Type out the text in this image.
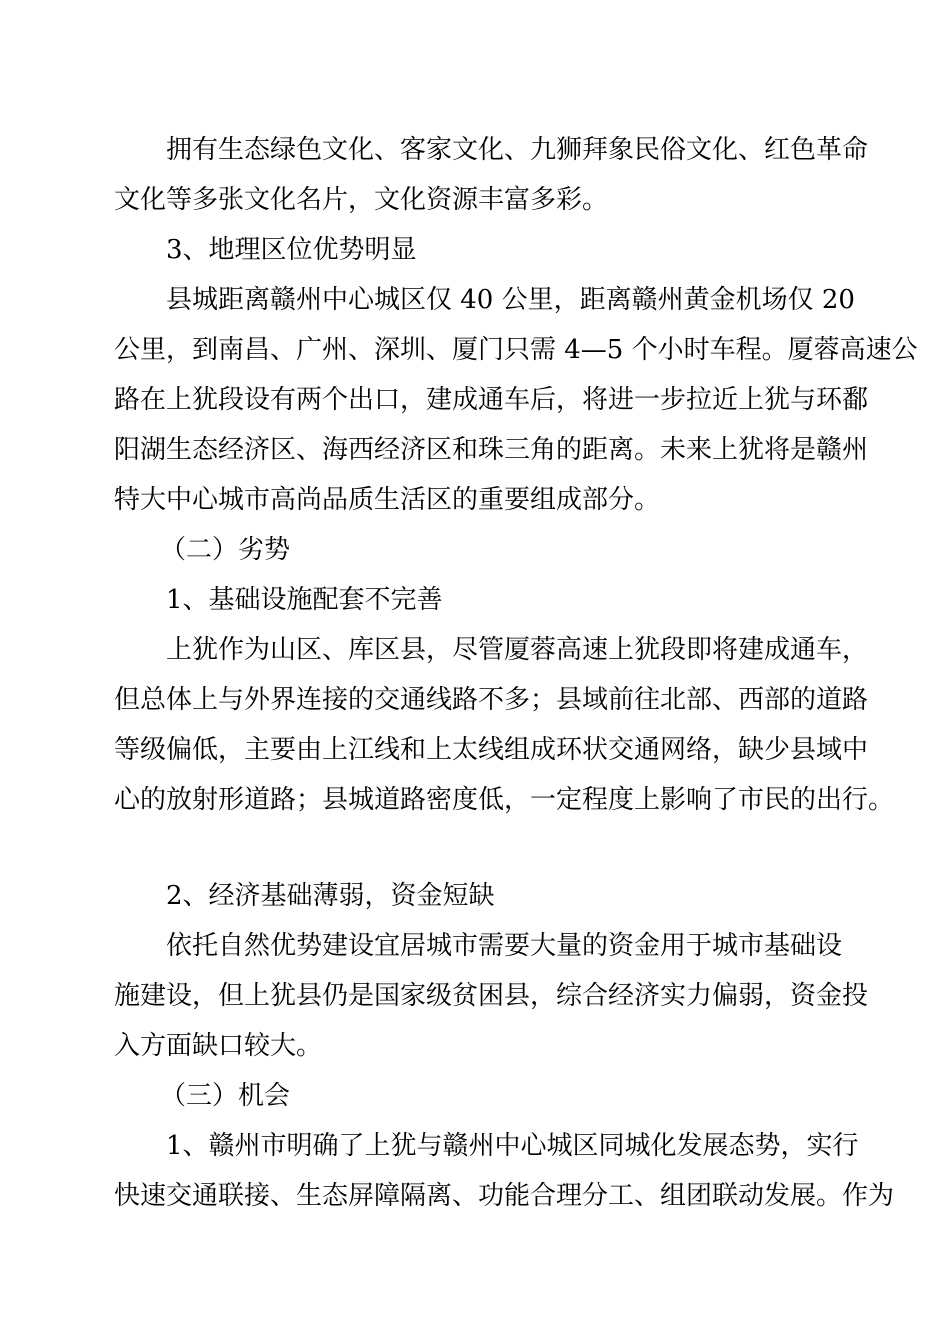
拥有生态绿色文化、客家文化、九狮拜象民俗文化、红色革命
文化等多张文化名片，文化资源丰富多彩。
3、地理区位优势明显
县城距离赣州中心城区仅 40 公里，距离赣州黄金机场仅 20
公里，到南昌、广州、深圳、厦门只需 4—5 个小时车程。厦蓉高速公
路在上犹段设有两个出口，建成通车后，将进一步拉近上犹与环鄱
阳湖生态经济区、海西经济区和珠三角的距离。未来上犹将是赣州
特大中心城市高尚品质生活区的重要组成部分。
（二）劣势
1、基础设施配套不完善
上犹作为山区、库区县，尽管厦蓉高速上犹段即将建成通车，
但总体上与外界连接的交通线路不多；县域前往北部、西部的道路
等级偏低，主要由上江线和上太线组成环状交通网络，缺少县域中
心的放射形道路；县城道路密度低，一定程度上影响了市民的出行。
2、经济基础薄弱，资金短缺
依托自然优势建设宜居城市需要大量的资金用于城市基础设
施建设，但上犹县仍是国家级贫困县，综合经济实力偏弱，资金投
入方面缺口较大。
（三）机会
1、赣州市明确了上犹与赣州中心城区同城化发展态势，实行
快速交通联接、生态屏障隔离、功能合理分工、组团联动发展。作为
